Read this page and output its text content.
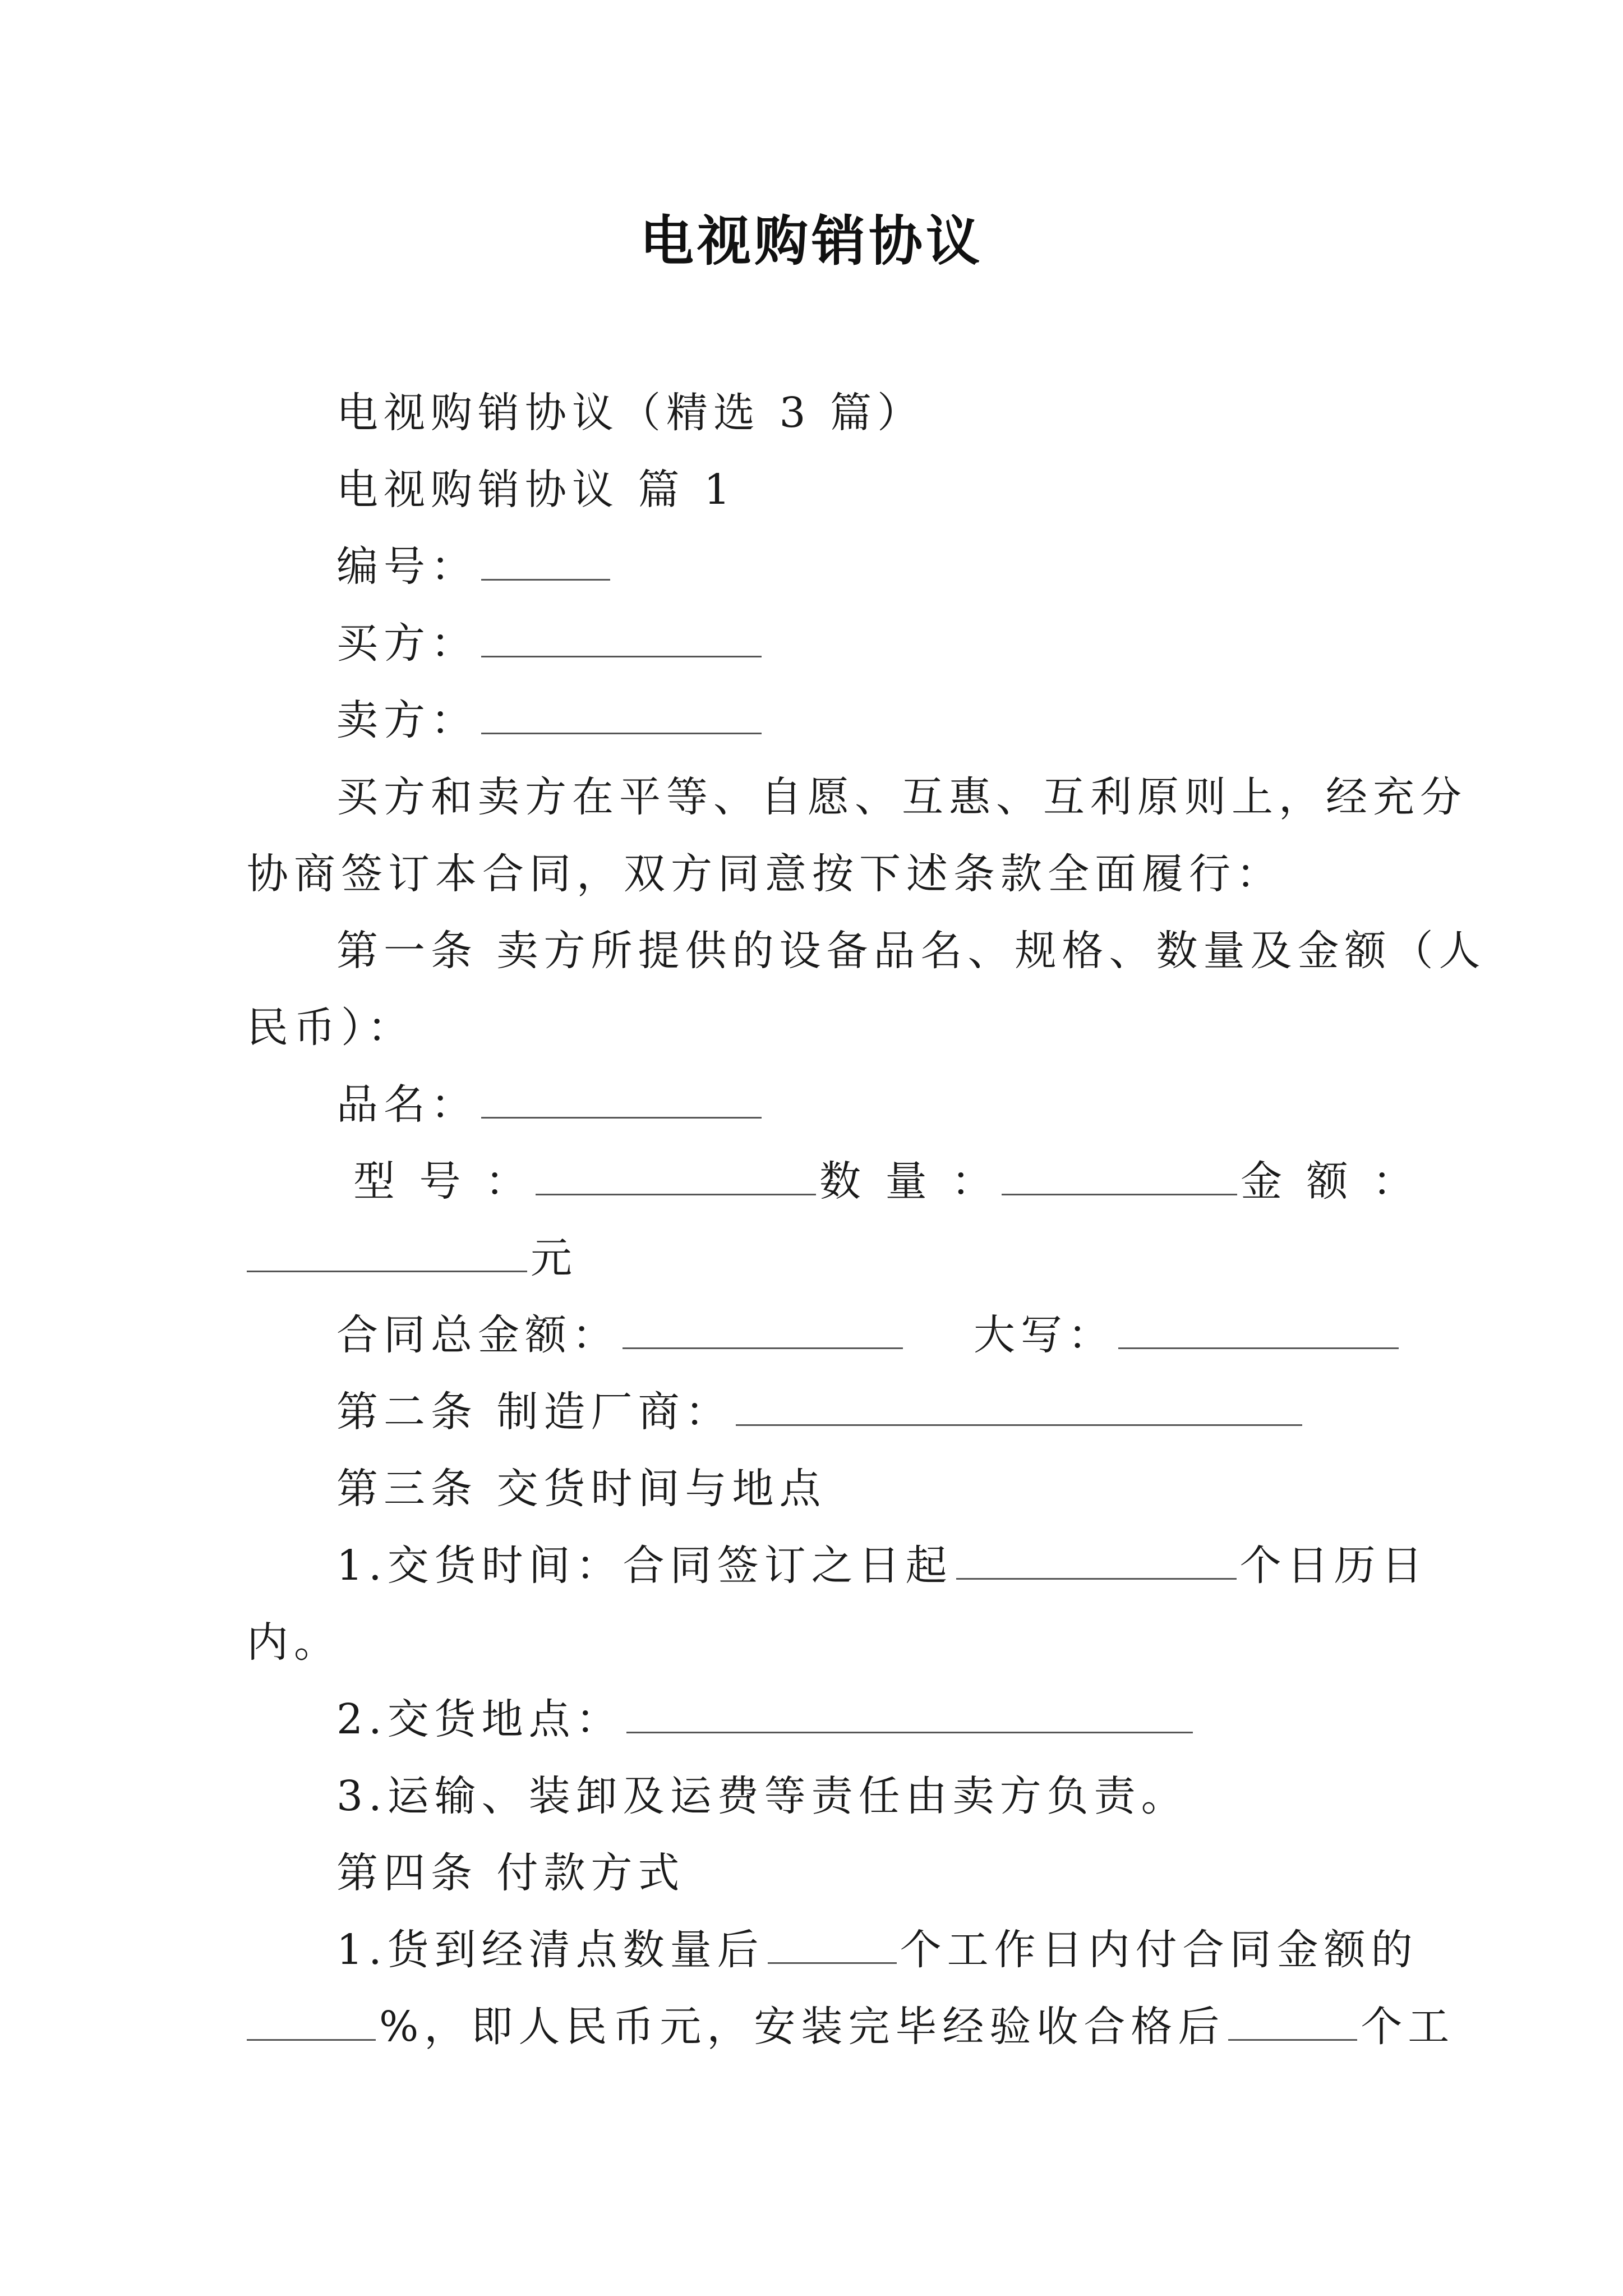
电视购销协议
电视购销协议（精选 3 篇）
电视购销协议 篇 1
编号：
买方：
卖方：
买方和卖方在平等、自愿、互惠、互利原则上，经充分
协商签订本合同，双方同意按下述条款全面履行：
第一条 卖方所提供的设备品名、规格、数量及金额（人
民币）：
品名：
型 号 ：	数 量 ：	金 额 ：
元
合同总金额：	大写：
第二条 制造厂商：
第三条 交货时间与地点
1.交货时间：合同签订之日起	个日历日
内。
2.交货地点：
3.运输、装卸及运费等责任由卖方负责。
第四条 付款方式
1.货到经清点数量后	个工作日内付合同金额的
%，即人民币元，安装完毕经验收合格后	个工
